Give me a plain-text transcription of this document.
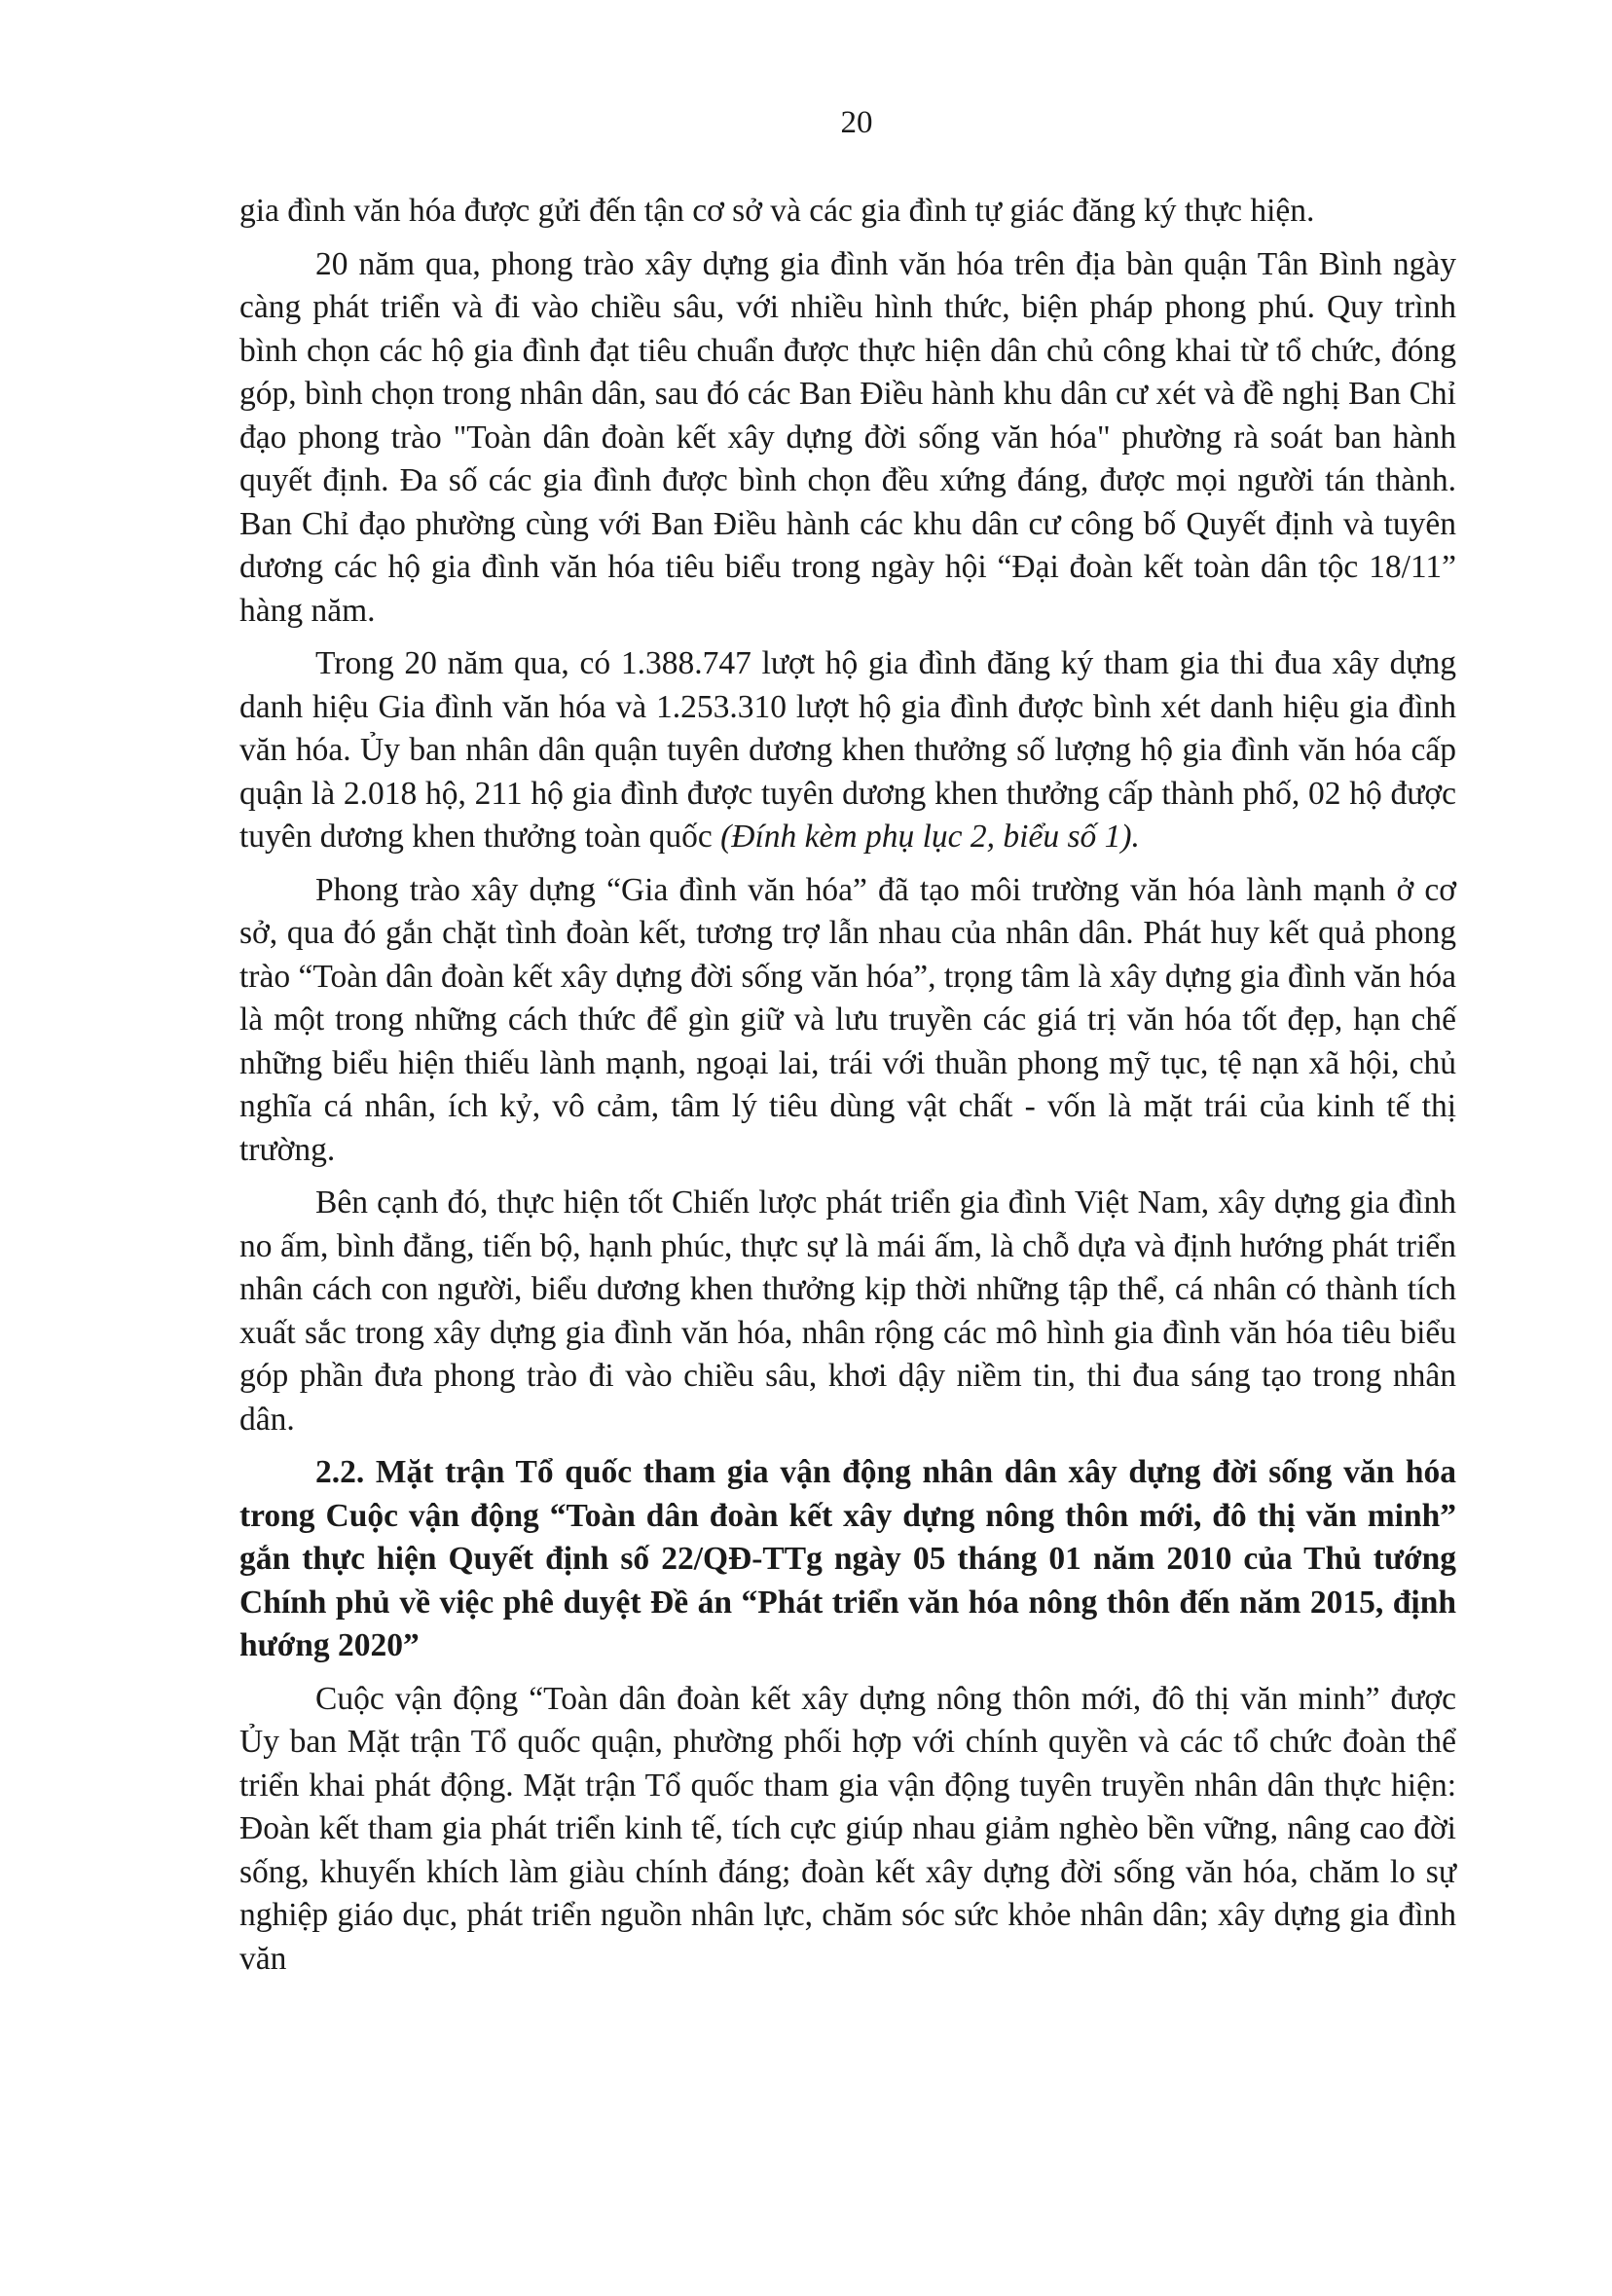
20

gia đình văn hóa được gửi đến tận cơ sở và các gia đình tự giác đăng ký thực hiện.

20 năm qua, phong trào xây dựng gia đình văn hóa trên địa bàn quận Tân Bình ngày càng phát triển và đi vào chiều sâu, với nhiều hình thức, biện pháp phong phú. Quy trình bình chọn các hộ gia đình đạt tiêu chuẩn được thực hiện dân chủ công khai từ tổ chức, đóng góp, bình chọn trong nhân dân, sau đó các Ban Điều hành khu dân cư xét và đề nghị Ban Chỉ đạo phong trào "Toàn dân đoàn kết xây dựng đời sống văn hóa" phường rà soát ban hành quyết định. Đa số các gia đình được bình chọn đều xứng đáng, được mọi người tán thành. Ban Chỉ đạo phường cùng với Ban Điều hành các khu dân cư công bố Quyết định và tuyên dương các hộ gia đình văn hóa tiêu biểu trong ngày hội “Đại đoàn kết toàn dân tộc 18/11” hàng năm.

Trong 20 năm qua, có 1.388.747 lượt hộ gia đình đăng ký tham gia thi đua xây dựng danh hiệu Gia đình văn hóa và 1.253.310 lượt hộ gia đình được bình xét danh hiệu gia đình văn hóa. Ủy ban nhân dân quận tuyên dương khen thưởng số lượng hộ gia đình văn hóa cấp quận là 2.018 hộ, 211 hộ gia đình được tuyên dương khen thưởng cấp thành phố, 02 hộ được tuyên dương khen thưởng toàn quốc (Đính kèm phụ lục 2, biểu số 1).

Phong trào xây dựng “Gia đình văn hóa” đã tạo môi trường văn hóa lành mạnh ở cơ sở, qua đó gắn chặt tình đoàn kết, tương trợ lẫn nhau của nhân dân. Phát huy kết quả phong trào “Toàn dân đoàn kết xây dựng đời sống văn hóa”, trọng tâm là xây dựng gia đình văn hóa là một trong những cách thức để gìn giữ và lưu truyền các giá trị văn hóa tốt đẹp, hạn chế những biểu hiện thiếu lành mạnh, ngoại lai, trái với thuần phong mỹ tục, tệ nạn xã hội, chủ nghĩa cá nhân, ích kỷ, vô cảm, tâm lý tiêu dùng vật chất - vốn là mặt trái của kinh tế thị trường.

Bên cạnh đó, thực hiện tốt Chiến lược phát triển gia đình Việt Nam, xây dựng gia đình no ấm, bình đẳng, tiến bộ, hạnh phúc, thực sự là mái ấm, là chỗ dựa và định hướng phát triển nhân cách con người, biểu dương khen thưởng kịp thời những tập thể, cá nhân có thành tích xuất sắc trong xây dựng gia đình văn hóa, nhân rộng các mô hình gia đình văn hóa tiêu biểu góp phần đưa phong trào đi vào chiều sâu, khơi dậy niềm tin, thi đua sáng tạo trong nhân dân.

2.2. Mặt trận Tổ quốc tham gia vận động nhân dân xây dựng đời sống văn hóa trong Cuộc vận động “Toàn dân đoàn kết xây dựng nông thôn mới, đô thị văn minh” gắn thực hiện Quyết định số 22/QĐ-TTg ngày 05 tháng 01 năm 2010 của Thủ tướng Chính phủ về việc phê duyệt Đề án “Phát triển văn hóa nông thôn đến năm 2015, định hướng 2020”

Cuộc vận động “Toàn dân đoàn kết xây dựng nông thôn mới, đô thị văn minh” được Ủy ban Mặt trận Tổ quốc quận, phường phối hợp với chính quyền và các tổ chức đoàn thể triển khai phát động. Mặt trận Tổ quốc tham gia vận động tuyên truyền nhân dân thực hiện: Đoàn kết tham gia phát triển kinh tế, tích cực giúp nhau giảm nghèo bền vững, nâng cao đời sống, khuyến khích làm giàu chính đáng; đoàn kết xây dựng đời sống văn hóa, chăm lo sự nghiệp giáo dục, phát triển nguồn nhân lực, chăm sóc sức khỏe nhân dân; xây dựng gia đình văn
